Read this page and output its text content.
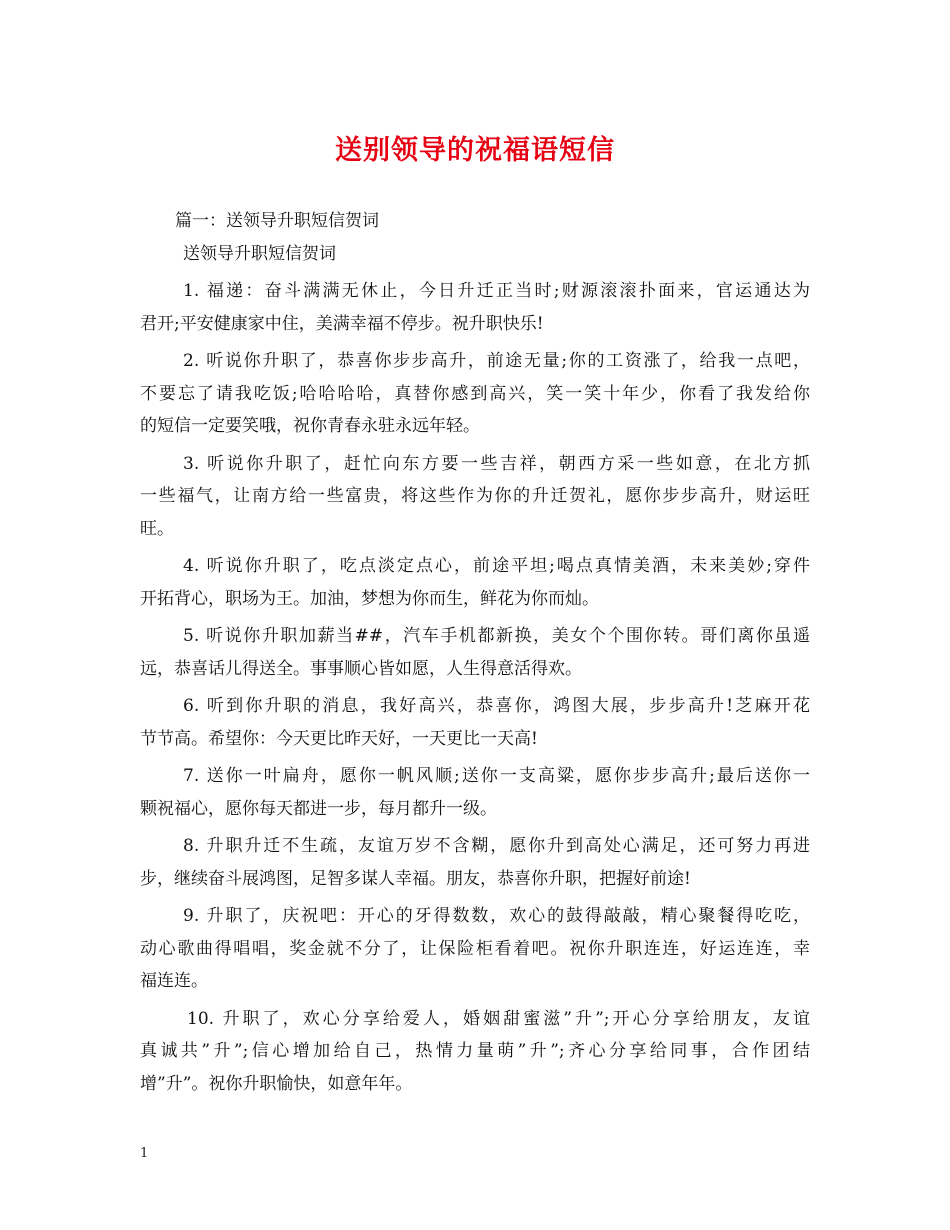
送别领导的祝福语短信
篇一：送领导升职短信贺词
送领导升职短信贺词
1. 福递：奋斗满满无休止，今日升迁正当时;财源滚滚扑面来，官运通达为
君开;平安健康家中住，美满幸福不停步。祝升职快乐!
2. 听说你升职了，恭喜你步步高升，前途无量;你的工资涨了，给我一点吧，
不要忘了请我吃饭;哈哈哈哈，真替你感到高兴，笑一笑十年少，你看了我发给你
的短信一定要笑哦，祝你青春永驻永远年轻。
3. 听说你升职了，赶忙向东方要一些吉祥，朝西方采一些如意，在北方抓
一些福气，让南方给一些富贵，将这些作为你的升迁贺礼，愿你步步高升，财运旺
旺。
4. 听说你升职了，吃点淡定点心，前途平坦;喝点真情美酒，未来美妙;穿件
开拓背心，职场为王。加油，梦想为你而生，鲜花为你而灿。
5. 听说你升职加薪当##，汽车手机都新换，美女个个围你转。哥们离你虽遥
远，恭喜话儿得送全。事事顺心皆如愿，人生得意活得欢。
6. 听到你升职的消息，我好高兴，恭喜你，鸿图大展，步步高升!芝麻开花
节节高。希望你：今天更比昨天好，一天更比一天高!
7. 送你一叶扁舟，愿你一帆风顺;送你一支高粱，愿你步步高升;最后送你一
颗祝福心，愿你每天都进一步，每月都升一级。
8. 升职升迁不生疏，友谊万岁不含糊，愿你升到高处心满足，还可努力再进
步，继续奋斗展鸿图，足智多谋人幸福。朋友，恭喜你升职，把握好前途!
9. 升职了，庆祝吧：开心的牙得数数，欢心的鼓得敲敲，精心聚餐得吃吃，
动心歌曲得唱唱，奖金就不分了，让保险柜看着吧。祝你升职连连，好运连连，幸
福连连。
10. 升职了，欢心分享给爱人，婚姻甜蜜滋”升”;开心分享给朋友，友谊
真诚共”升”;信心增加给自己，热情力量萌”升”;齐心分享给同事，合作团结
增”升”。祝你升职愉快，如意年年。
1
